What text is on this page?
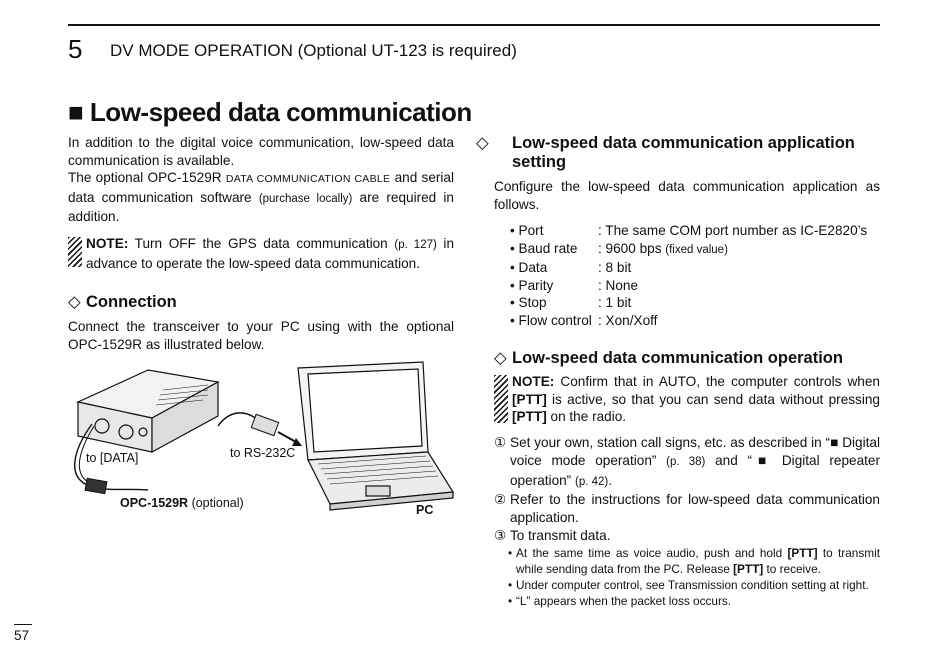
5 DV MODE OPERATION (Optional UT-123 is required)
■ Low-speed data communication

In addition to the digital voice communication, low-speed data communication is available.

The optional OPC-1529R DATA COMMUNICATION CABLE and serial data communication software (purchase locally) are required in addition.

NOTE: Turn OFF the GPS data communication (p. 127) in advance to operate the low-speed data communication.

◇ Connection
Connect the transceiver to your PC using with the optional OPC-1529R as illustrated below.
to [DATA]	to RS-232C
OPC-1529R (optional)	PC
◇ Low-speed data communication application setting
Configure the low-speed data communication application as follows.
• Port	: The same COM port number as IC-E2820’s
• Baud rate	: 9600 bps (fixed value)
• Data	: 8 bit
• Parity	: None
• Stop	: 1 bit
• Flow control : Xon/Xoff
◇ Low-speed data communication operation

NOTE: Confirm that in AUTO, the computer controls when [PTT] is active, so that you can send data without pressing [PTT] on the radio.

① Set your own, station call signs, etc. as described in “■ Digital voice mode operation” (p. 38) and “■ Digital repeater operation” (p. 42).
② Refer to the instructions for low-speed data communication application.
③ To transmit data.
• At the same time as voice audio, push and hold [PTT] to transmit while sending data from the PC. Release [PTT] to receive.
• Under computer control, see Transmission condition setting at right.
• “L” appears when the packet loss occurs.
57
